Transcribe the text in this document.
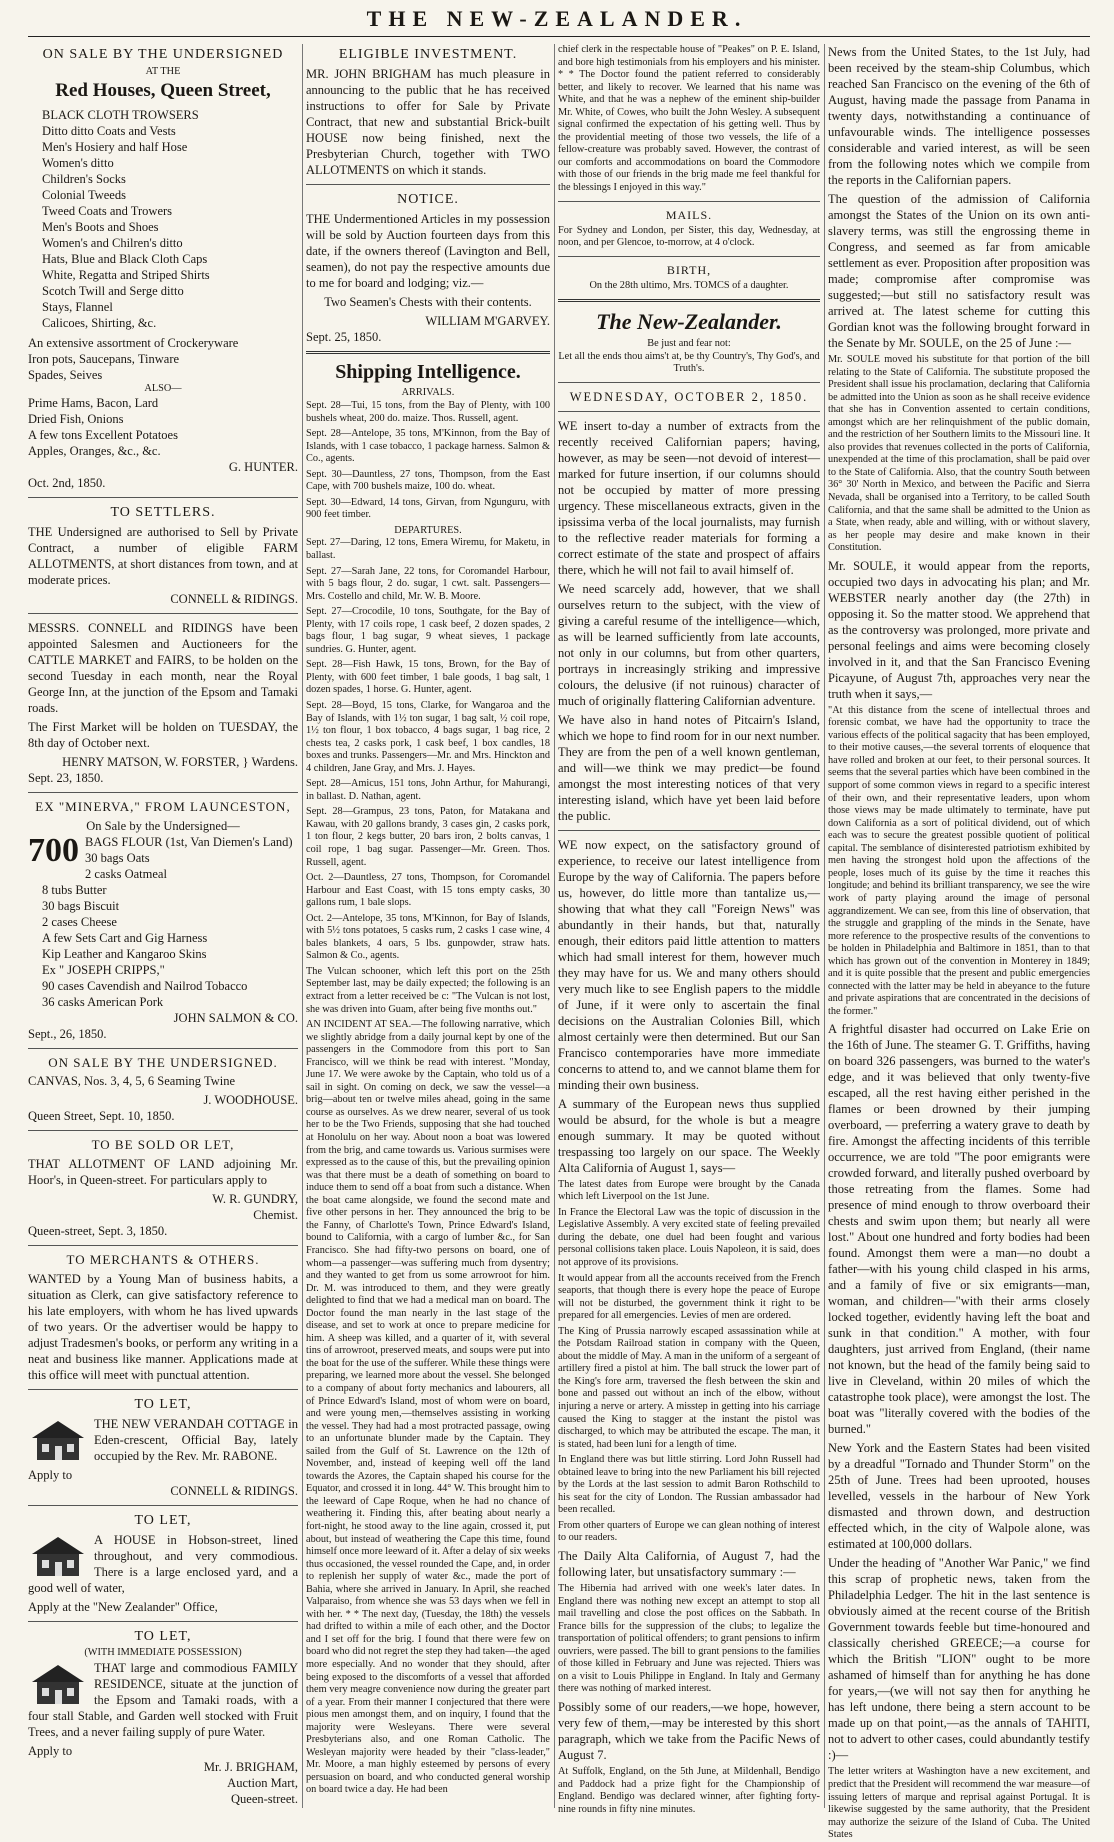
THE NEW-ZEALANDER.
ON SALE BY THE UNDERSIGNED
AT THE
Red Houses, Queen Street,
BLACK CLOTH TROWSERS
Ditto ditto Coats and Vests
Men's Hosiery and half Hose
Women's ditto
Children's Socks
Colonial Tweeds
Tweed Coats and Trowers
Men's Boots and Shoes
Women's and Chilren's ditto
Hats, Blue and Black Cloth Caps
White, Regatta and Striped Shirts
Scotch Twill and Serge ditto
Stays, Flannel
Calicoes, Shirting, &c.
An extensive assortment of Crockeryware
Iron pots, Saucepans, Tinware
Spades, Seives
ALSO—
Prime Hams, Bacon, Lard
Dried Fish, Onions
A few tons Excellent Potatoes
Apples, Oranges, &c., &c.
G. HUNTER.
Oct. 2nd, 1850.
TO SETTLERS.

THE Undersigned are authorised to Sell by Private Contract, a number of eligible FARM ALLOTMENTS, at short distances from town, and at moderate prices.

CONNELL & RIDINGS.

MESSRS. CONNELL and RIDINGS have been appointed Salesmen and Auctioneers for the CATTLE MARKET and FAIRS, to be holden on the second Tuesday in each month, near the Royal George Inn, at the junction of the Epsom and Tamaki roads.

The First Market will be holden on TUESDAY, the 8th day of October next.

HENRY MATSON, W. FORSTER, } Wardens.
Sept. 23, 1850.
EX "MINERVA," FROM LAUNCESTON,
On Sale by the Undersigned—
700 BAGS FLOUR (1st, Van Diemen's Land)
30 bags Oats
2 casks Oatmeal
8 tubs Butter
30 bags Biscuit
2 cases Cheese
A few Sets Cart and Gig Harness
Kip Leather and Kangaroo Skins
Ex " JOSEPH CRIPPS,"
90 cases Cavendish and Nailrod Tobacco
36 casks American Pork
JOHN SALMON & CO.
Sept., 26, 1850.
ON SALE BY THE UNDERSIGNED.

CANVAS, Nos. 3, 4, 5, 6 Seaming Twine

J. WOODHOUSE.
Queen Street, Sept. 10, 1850.
TO BE SOLD OR LET,

THAT ALLOTMENT OF LAND adjoining Mr. Hoor's, in Queen-street. For particulars apply to

W. R. GUNDRY,
Chemist.
Queen-street, Sept. 3, 1850.
TO MERCHANTS & OTHERS.

WANTED by a Young Man of business habits, a situation as Clerk, can give satisfactory reference to his late employers, with whom he has lived upwards of two years. Or the advertiser would be happy to adjust Tradesmen's books, or perform any writing in a neat and business like manner. Applications made at this office will meet with punctual attention.

TO LET,

THE NEW VERANDAH COTTAGE in Eden-crescent, Official Bay, lately occupied by the Rev. Mr. RABONE.

Apply to
CONNELL & RIDINGS.
TO LET,

A HOUSE in Hobson-street, lined throughout, and very commodious. There is a large enclosed yard, and a good well of water,

Apply at the "New Zealander" Office,
TO LET,
(WITH IMMEDIATE POSSESSION)

THAT large and commodious FAMILY RESIDENCE, situate at the junction of the Epsom and Tamaki roads, with a four stall Stable, and Garden well stocked with Fruit Trees, and a never failing supply of pure Water.

Apply to
Mr. J. BRIGHAM,
Auction Mart,
Queen-street.
ELIGIBLE INVESTMENT.

MR. JOHN BRIGHAM has much pleasure in announcing to the public that he has received instructions to offer for Sale by Private Contract, that new and substantial Brick-built HOUSE now being finished, next the Presbyterian Church, together with TWO ALLOTMENTS on which it stands.

NOTICE.

THE Undermentioned Articles in my possession will be sold by Auction fourteen days from this date, if the owners thereof (Lavington and Bell, seamen), do not pay the respective amounts due to me for board and lodging; viz.—

Two Seamen's Chests with their contents.

WILLIAM M'GARVEY.
Sept. 25, 1850.
Shipping Intelligence.
ARRIVALS.

Sept. 28—Tui, 15 tons, from the Bay of Plenty, with 100 bushels wheat, 200 do. maize. Thos. Russell, agent.

Sept. 28—Antelope, 35 tons, M'Kinnon, from the Bay of Islands, with 1 case tobacco, 1 package harness. Salmon & Co., agents.

Sept. 30—Dauntless, 27 tons, Thompson, from the East Cape, with 700 bushels maize, 100 do. wheat.

Sept. 30—Edward, 14 tons, Girvan, from Ngunguru, with 900 feet timber.

DEPARTURES.

Sept. 27—Daring, 12 tons, Emera Wiremu, for Maketu, in ballast.

Sept. 27—Sarah Jane, 22 tons, for Coromandel Harbour, with 5 bags flour, 2 do. sugar, 1 cwt. salt. Passengers—Mrs. Costello and child, Mr. W. B. Moore.

Sept. 27—Crocodile, 10 tons, Southgate, for the Bay of Plenty, with 17 coils rope, 1 cask beef, 2 dozen spades, 2 bags flour, 1 bag sugar, 9 wheat sieves, 1 package sundries. G. Hunter, agent.

Sept. 28—Fish Hawk, 15 tons, Brown, for the Bay of Plenty, with 600 feet timber, 1 bale goods, 1 bag salt, 1 dozen spades, 1 horse. G. Hunter, agent.

Sept. 28—Boyd, 15 tons, Clarke, for Wangaroa and the Bay of Islands, with 1½ ton sugar, 1 bag salt, ½ coil rope, 1½ ton flour, 1 box tobacco, 4 bags sugar, 1 bag rice, 2 chests tea, 2 casks pork, 1 cask beef, 1 box candles, 18 boxes and trunks. Passengers—Mr. and Mrs. Hinckton and 4 children, Jane Gray, and Mrs. J. Hayes.

Sept. 28—Amicus, 151 tons, John Arthur, for Mahurangi, in ballast. D. Nathan, agent.

Sept. 28—Grampus, 23 tons, Paton, for Matakana and Kawau, with 20 gallons brandy, 3 cases gin, 2 casks pork, 1 ton flour, 2 kegs butter, 20 bars iron, 2 bolts canvas, 1 coil rope, 1 bag sugar. Passenger—Mr. Green. Thos. Russell, agent.

Oct. 2—Dauntless, 27 tons, Thompson, for Coromandel Harbour and East Coast, with 15 tons empty casks, 30 gallons rum, 1 bale slops.

Oct. 2—Antelope, 35 tons, M'Kinnon, for Bay of Islands, with 5½ tons potatoes, 5 casks rum, 2 casks 1 case wine, 4 bales blankets, 4 oars, 5 lbs. gunpowder, straw hats. Salmon & Co., agents.

The Vulcan schooner, which left this port on the 25th September last, may be daily expected; the following is an extract from a letter received be c: "The Vulcan is not lost, she was driven into Guam, after being five months out."

AN INCIDENT AT SEA.—The following narrative, which we slightly abridge from a daily journal kept by one of the passengers in the Commodore from this port to San Francisco, will we think be read with interest. "Monday, June 17. We were awoke by the Captain, who told us of a sail in sight. On coming on deck, we saw the vessel—a brig—about ten or twelve miles ahead, going in the same course as ourselves. As we drew nearer, several of us took her to be the Two Friends, supposing that she had touched at Honolulu on her way. About noon a boat was lowered from the brig, and came towards us. Various surmises were expressed as to the cause of this, but the prevailing opinion was that there must be a death of something on board to induce them to send off a boat from such a distance. When the boat came alongside, we found the second mate and five other persons in her. They announced the brig to be the Fanny, of Charlotte's Town, Prince Edward's Island, bound to California, with a cargo of lumber &c., for San Francisco. She had fifty-two persons on board, one of whom—a passenger—was suffering much from dysentry; and they wanted to get from us some arrowroot for him. Dr. M. was introduced to them, and they were greatly delighted to find that we had a medical man on board. The Doctor found the man nearly in the last stage of the disease, and set to work at once to prepare medicine for him. A sheep was killed, and a quarter of it, with several tins of arrowroot, preserved meats, and soups were put into the boat for the use of the sufferer. While these things were preparing, we learned more about the vessel. She belonged to a company of about forty mechanics and labourers, all of Prince Edward's Island, most of whom were on board, and were young men,—themselves assisting in working the vessel. They had had a most protracted passage, owing to an unfortunate blunder made by the Captain. They sailed from the Gulf of St. Lawrence on the 12th of November, and, instead of keeping well off the land towards the Azores, the Captain shaped his course for the Equator, and crossed it in long. 44° W. This brought him to the leeward of Cape Roque, when he had no chance of weathering it. Finding this, after beating about nearly a fort-night, he stood away to the line again, crossed it, put about, but instead of weathering the Cape this time, found himself once more leeward of it. After a delay of six weeks thus occasioned, the vessel rounded the Cape, and, in order to replenish her supply of water &c., made the port of Bahia, where she arrived in January. In April, she reached Valparaiso, from whence she was 53 days when we fell in with her. * * The next day, (Tuesday, the 18th) the vessels had drifted to within a mile of each other, and the Doctor and I set off for the brig. I found that there were few on board who did not regret the step they had taken—the aged more especially. And no wonder that they should, after being exposed to the discomforts of a vessel that afforded them very meagre convenience now during the greater part of a year. From their manner I conjectured that there were pious men amongst them, and on inquiry, I found that the majority were Wesleyans. There were several Presbyterians also, and one Roman Catholic. The Wesleyan majority were headed by their "class-leader," Mr. Moore, a man highly esteemed by persons of every persuasion on board, and who conducted general worship on board twice a day. He had been

chief clerk in the respectable house of "Peakes" on P. E. Island, and bore high testimonials from his employers and his minister. * * The Doctor found the patient referred to considerably better, and likely to recover. We learned that his name was White, and that he was a nephew of the eminent ship-builder Mr. White, of Cowes, who built the John Wesley. A subsequent signal confirmed the expectation of his getting well. Thus by the providential meeting of those two vessels, the life of a fellow-creature was probably saved. However, the contrast of our comforts and accommodations on board the Commodore with those of our friends in the brig made me feel thankful for the blessings I enjoyed in this way."

MAILS.

For Sydney and London, per Sister, this day, Wednesday, at noon, and per Glencoe, to-morrow, at 4 o'clock.

BIRTH,

On the 28th ultimo, Mrs. TOMCS of a daughter.

The New-Zealander.
Be just and fear not:
Let all the ends thou aims't at, be thy Country's, Thy God's, and Truth's.
WEDNESDAY, OCTOBER 2, 1850.

WE insert to-day a number of extracts from the recently received Californian papers; having, however, as may be seen—not devoid of interest—marked for future insertion, if our columns should not be occupied by matter of more pressing urgency. These miscellaneous extracts, given in the ipsissima verba of the local journalists, may furnish to the reflective reader materials for forming a correct estimate of the state and prospect of affairs there, which he will not fail to avail himself of.

We need scarcely add, however, that we shall ourselves return to the subject, with the view of giving a careful resume of the intelligence—which, as will be learned sufficiently from late accounts, not only in our columns, but from other quarters, portrays in increasingly striking and impressive colours, the delusive (if not ruinous) character of much of originally flattering Californian adventure.

We have also in hand notes of Pitcairn's Island, which we hope to find room for in our next number. They are from the pen of a well known gentleman, and will—we think we may predict—be found amongst the most interesting notices of that very interesting island, which have yet been laid before the public.

WE now expect, on the satisfactory ground of experience, to receive our latest intelligence from Europe by the way of California. The papers before us, however, do little more than tantalize us,—showing that what they call "Foreign News" was abundantly in their hands, but that, naturally enough, their editors paid little attention to matters which had small interest for them, however much they may have for us. We and many others should very much like to see English papers to the middle of June, if it were only to ascertain the final decisions on the Australian Colonies Bill, which almost certainly were then determined. But our San Francisco contemporaries have more immediate concerns to attend to, and we cannot blame them for minding their own business.

A summary of the European news thus supplied would be absurd, for the whole is but a meagre enough summary. It may be quoted without trespassing too largely on our space. The Weekly Alta California of August 1, says—

The latest dates from Europe were brought by the Canada which left Liverpool on the 1st June.

In France the Electoral Law was the topic of discussion in the Legislative Assembly. A very excited state of feeling prevailed during the debate, one duel had been fought and various personal collisions taken place. Louis Napoleon, it is said, does not approve of its provisions.

It would appear from all the accounts received from the French seaports, that though there is every hope the peace of Europe will not be disturbed, the government think it right to be prepared for all emergencies. Levies of men are ordered.

The King of Prussia narrowly escaped assassination while at the Potsdam Railroad station in company with the Queen, about the middle of May. A man in the uniform of a sergeant of artillery fired a pistol at him. The ball struck the lower part of the King's fore arm, traversed the flesh between the skin and bone and passed out without an inch of the elbow, without injuring a nerve or artery. A misstep in getting into his carriage caused the King to stagger at the instant the pistol was discharged, to which may be attributed the escape. The man, it is stated, had been luni for a length of time.

In England there was but little stirring. Lord John Russell had obtained leave to bring into the new Parliament his bill rejected by the Lords at the last session to admit Baron Rothschild to his seat for the city of London. The Russian ambassador had been recalled.

From other quarters of Europe we can glean nothing of interest to our readers.

The Daily Alta California, of August 7, had the following later, but unsatisfactory summary :—

The Hibernia had arrived with one week's later dates. In England there was nothing new except an attempt to stop all mail travelling and close the post offices on the Sabbath. In France bills for the suppression of the clubs; to legalize the transportation of political offenders; to grant pensions to infirm ouvriers, were passed. The bill to grant pensions to the families of those killed in February and June was rejected. Thiers was on a visit to Louis Philippe in England. In Italy and Germany there was nothing of marked interest.

Possibly some of our readers,—we hope, however, very few of them,—may be interested by this short paragraph, which we take from the Pacific News of August 7.

At Suffolk, England, on the 5th June, at Mildenhall, Bendigo and Paddock had a prize fight for the Championship of England. Bendigo was declared winner, after fighting forty-nine rounds in fifty nine minutes.

News from the United States, to the 1st July, had been received by the steam-ship Columbus, which reached San Francisco on the evening of the 6th of August, having made the passage from Panama in twenty days, notwithstanding a continuance of unfavourable winds. The intelligence possesses considerable and varied interest, as will be seen from the following notes which we compile from the reports in the Californian papers.

The question of the admission of California amongst the States of the Union on its own anti-slavery terms, was still the engrossing theme in Congress, and seemed as far from amicable settlement as ever. Proposition after proposition was made; compromise after compromise was suggested;—but still no satisfactory result was arrived at. The latest scheme for cutting this Gordian knot was the following brought forward in the Senate by Mr. SOULE, on the 25 of June :—

Mr. SOULE moved his substitute for that portion of the bill relating to the State of California. The substitute proposed the President shall issue his proclamation, declaring that California be admitted into the Union as soon as he shall receive evidence that she has in Convention assented to certain conditions, amongst which are her relinquishment of the public domain, and the restriction of her Southern limits to the Missouri line. It also provides that revenues collected in the ports of California, unexpended at the time of this proclamation, shall be paid over to the State of California. Also, that the country South between 36° 30' North in Mexico, and between the Pacific and Sierra Nevada, shall be organised into a Territory, to be called South California, and that the same shall be admitted to the Union as a State, when ready, able and willing, with or without slavery, as her people may desire and make known in their Constitution.

Mr. SOULE, it would appear from the reports, occupied two days in advocating his plan; and Mr. WEBSTER nearly another day (the 27th) in opposing it. So the matter stood. We apprehend that as the controversy was prolonged, more private and personal feelings and aims were becoming closely involved in it, and that the San Francisco Evening Picayune, of August 7th, approaches very near the truth when it says,—

"At this distance from the scene of intellectual throes and forensic combat, we have had the opportunity to trace the various effects of the political sagacity that has been employed, to their motive causes,—the several torrents of eloquence that have rolled and broken at our feet, to their personal sources. It seems that the several parties which have been combined in the support of some common views in regard to a specific interest of their own, and their representative leaders, upon whom those views may be made ultimately to terminate, have put down California as a sort of political dividend, out of which each was to secure the greatest possible quotient of political capital. The semblance of disinterested patriotism exhibited by men having the strongest hold upon the affections of the people, loses much of its guise by the time it reaches this longitude; and behind its brilliant transparency, we see the wire work of party playing around the image of personal aggrandizement. We can see, from this line of observation, that the struggle and grappling of the minds in the Senate, have more reference to the prospective results of the conventions to be holden in Philadelphia and Baltimore in 1851, than to that which has grown out of the convention in Monterey in 1849; and it is quite possible that the present and public emergencies connected with the latter may be held in abeyance to the future and private aspirations that are concentrated in the decisions of the former."

A frightful disaster had occurred on Lake Erie on the 16th of June. The steamer G. T. Griffiths, having on board 326 passengers, was burned to the water's edge, and it was believed that only twenty-five escaped, all the rest having either perished in the flames or been drowned by their jumping overboard, — preferring a watery grave to death by fire. Amongst the affecting incidents of this terrible occurrence, we are told "The poor emigrants were crowded forward, and literally pushed overboard by those retreating from the flames. Some had presence of mind enough to throw overboard their chests and swim upon them; but nearly all were lost." About one hundred and forty bodies had been found. Amongst them were a man—no doubt a father—with his young child clasped in his arms, and a family of five or six emigrants—man, woman, and children—"with their arms closely locked together, evidently having left the boat and sunk in that condition." A mother, with four daughters, just arrived from England, (their name not known, but the head of the family being said to live in Cleveland, within 20 miles of which the catastrophe took place), were amongst the lost. The boat was "literally covered with the bodies of the burned."

New York and the Eastern States had been visited by a dreadful "Tornado and Thunder Storm" on the 25th of June. Trees had been uprooted, houses levelled, vessels in the harbour of New York dismasted and thrown down, and destruction effected which, in the city of Walpole alone, was estimated at 100,000 dollars.

Under the heading of "Another War Panic," we find this scrap of prophetic news, taken from the Philadelphia Ledger. The hit in the last sentence is obviously aimed at the recent course of the British Government towards feeble but time-honoured and classically cherished GREECE;—a course for which the British "LION" ought to be more ashamed of himself than for anything he has done for years,—(we will not say then for anything he has left undone, there being a stern account to be made up on that point,—as the annals of TAHITI, not to advert to other cases, could abundantly testify :)—

The letter writers at Washington have a new excitement, and predict that the President will recommend the war measure—of issuing letters of marque and reprisal against Portugal. It is likewise suggested by the same authority, that the President may authorize the seizure of the Island of Cuba. The United States
